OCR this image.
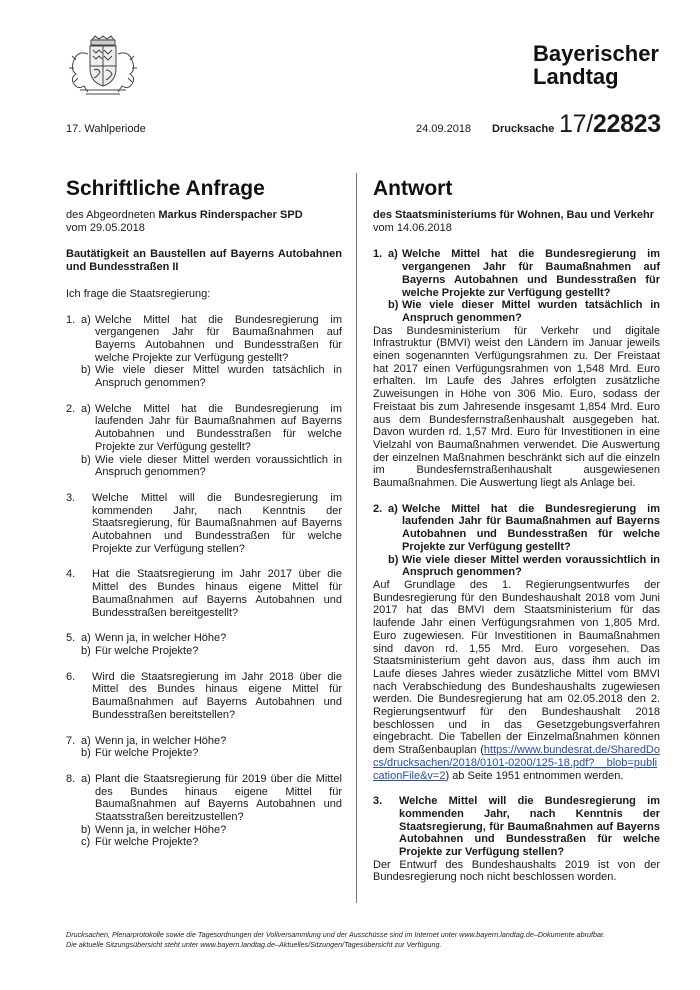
Bayerischer
Landtag
17. Wahlperiode	24.09.2018 Drucksache 17/22823
Schriftliche Anfrage

des Abgeordneten Markus Rinderspacher SPD

vom 29.05.2018

Bautätigkeit an Baustellen auf Bayerns Autobahnen und Bundesstraßen II

Ich frage die Staatsregierung:

1. a) Welche Mittel hat die Bundesregierung im vergangenen Jahr für Baumaßnahmen auf Bayerns Autobahnen und Bundesstraßen für welche Projekte zur Verfügung gestellt?
b) Wie viele dieser Mittel wurden tatsächlich in Anspruch genommen?
2. a) Welche Mittel hat die Bundesregierung im laufenden Jahr für Baumaßnahmen auf Bayerns Autobahnen und Bundesstraßen für welche Projekte zur Verfügung gestellt?
b) Wie viele dieser Mittel werden voraussichtlich in Anspruch genommen?
3.	Welche Mittel will die Bundesregierung im kommenden Jahr, nach Kenntnis der Staatsregierung, für Baumaßnahmen auf Bayerns Autobahnen und Bundesstraßen für welche Projekte zur Verfügung stellen?
4.	Hat die Staatsregierung im Jahr 2017 über die Mittel des Bundes hinaus eigene Mittel für Baumaßnahmen auf Bayerns Autobahnen und Bundesstraßen bereitgestellt?
5. a) Wenn ja, in welcher Höhe?
b) Für welche Projekte?
6.	Wird die Staatsregierung im Jahr 2018 über die Mittel des Bundes hinaus eigene Mittel für Baumaßnahmen auf Bayerns Autobahnen und Bundesstraßen bereitstellen?
7. a) Wenn ja, in welcher Höhe?
b) Für welche Projekte?
8. a) Plant die Staatsregierung für 2019 über die Mittel des Bundes hinaus eigene Mittel für Baumaßnahmen auf Bayerns Autobahnen und Staatsstraßen bereitzustellen?
b) Wenn ja, in welcher Höhe?
c) Für welche Projekte?
Antwort

des Staatsministeriums für Wohnen, Bau und Verkehr

vom 14.06.2018

1. a) Welche Mittel hat die Bundesregierung im vergangenen Jahr für Baumaßnahmen auf Bayerns Autobahnen und Bundesstraßen für welche Projekte zur Verfügung gestellt?
b) Wie viele dieser Mittel wurden tatsächlich in Anspruch genommen?

Das Bundesministerium für Verkehr und digitale Infrastruktur (BMVI) weist den Ländern im Januar jeweils einen sogenannten Verfügungsrahmen zu. Der Freistaat hat 2017 einen Verfügungsrahmen von 1,548 Mrd. Euro erhalten. Im Laufe des Jahres erfolgten zusätzliche Zuweisungen in Höhe von 306 Mio. Euro, sodass der Freistaat bis zum Jahresende insgesamt 1,854 Mrd. Euro aus dem Bundesfernstraßenhaushalt ausgegeben hat. Davon wurden rd. 1,57 Mrd. Euro für Investitionen in eine Vielzahl von Baumaßnahmen verwendet. Die Auswertung der einzelnen Maßnahmen beschränkt sich auf die einzeln im Bundesfernstraßenhaushalt ausgewiesenen Baumaßnahmen. Die Auswertung liegt als Anlage bei.

2. a) Welche Mittel hat die Bundesregierung im laufenden Jahr für Baumaßnahmen auf Bayerns Autobahnen und Bundesstraßen für welche Projekte zur Verfügung gestellt?
b) Wie viele dieser Mittel werden voraussichtlich in Anspruch genommen?

Auf Grundlage des 1. Regierungsentwurfes der Bundesregierung für den Bundeshaushalt 2018 vom Juni 2017 hat das BMVI dem Staatsministerium für das laufende Jahr einen Verfügungsrahmen von 1,805 Mrd. Euro zugewiesen. Für Investitionen in Baumaßnahmen sind davon rd. 1,55 Mrd. Euro vorgesehen. Das Staatsministerium geht davon aus, dass ihm auch im Laufe dieses Jahres wieder zusätzliche Mittel vom BMVI nach Verabschiedung des Bundeshaushalts zugewiesen werden. Die Bundesregierung hat am 02.05.2018 den 2. Regierungsentwurf für den Bundeshaushalt 2018 beschlossen und in das Gesetzgebungsverfahren eingebracht. Die Tabellen der Einzelmaßnahmen können dem Straßenbauplan (https://www.bundesrat.de/SharedDocs/drucksachen/2018/0101-0200/125-18.pdf?__blob=publicationFile&v=2) ab Seite 1951 entnommen werden.

3.	Welche Mittel will die Bundesregierung im kommenden Jahr, nach Kenntnis der Staatsregierung, für Baumaßnahmen auf Bayerns Autobahnen und Bundesstraßen für welche Projekte zur Verfügung stellen?

Der Entwurf des Bundeshaushalts 2019 ist von der Bundesregierung noch nicht beschlossen worden.

Drucksachen, Plenarprotokolle sowie die Tagesordnungen der Vollversammlung und der Ausschüsse sind im Internet unter www.bayern.landtag.de–Dokumente abrufbar.
Die aktuelle Sitzungsübersicht steht unter www.bayern.landtag.de–Aktuelles/Sitzungen/Tagesübersicht zur Verfügung.
